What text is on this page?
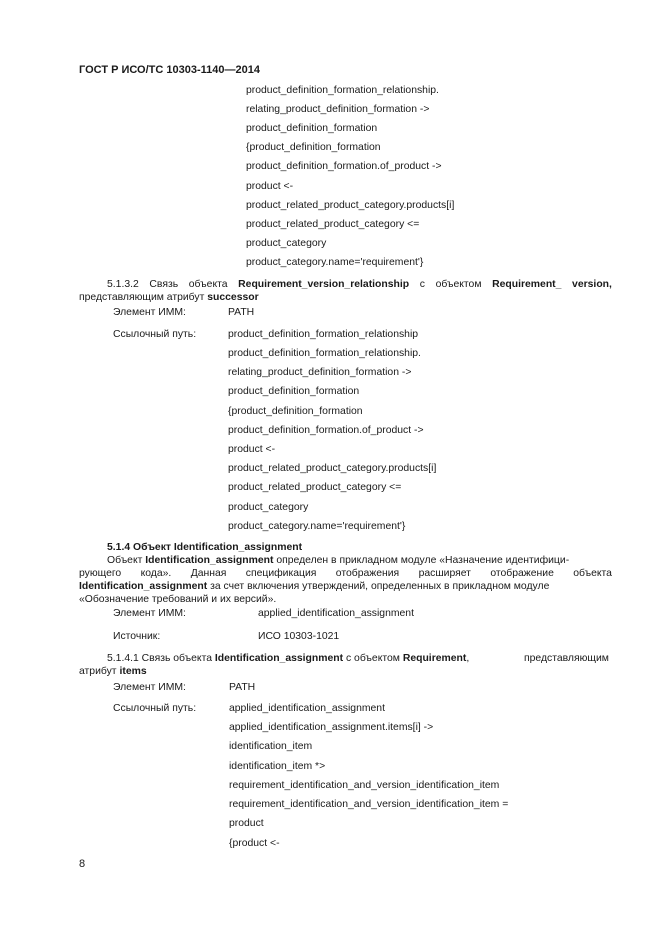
ГОСТ Р ИСО/ТС 10303-1140—2014
product_definition_formation_relationship.
relating_product_definition_formation ->
product_definition_formation
{product_definition_formation
product_definition_formation.of_product ->
product <-
product_related_product_category.products[i]
product_related_product_category <=
product_category
product_category.name='requirement'}
5.1.3.2 Связь объекта Requirement_version_relationship с объектом Requirement_ version,
представляющим атрибут successor
Элемент ИММ:	PATH
Ссылочный путь:	product_definition_formation_relationship
product_definition_formation_relationship.
relating_product_definition_formation ->
product_definition_formation
{product_definition_formation
product_definition_formation.of_product ->
product <-
product_related_product_category.products[i]
product_related_product_category <=
product_category
product_category.name='requirement'}
5.1.4 Объект Identification_assignment
Объект Identification_assignment определен в прикладном модуле «Назначение идентифици-
рующего кода». Данная спецификация отображения расширяет отображение объекта
Identification_assignment за счет включения утверждений, определенных в прикладном модуле
«Обозначение требований и их версий».
Элемент ИММ:	applied_identification_assignment
Источник:	ИСО 10303-1021
5.1.4.1 Связь объекта Identification_assignment с объектом Requirement,	представляющим
атрибут items
Элемент ИММ:	PATH
Ссылочный путь:	applied_identification_assignment
applied_identification_assignment.items[i] ->
identification_item
identification_item *>
requirement_identification_and_version_identification_item
requirement_identification_and_version_identification_item =
product
{product <-
8
